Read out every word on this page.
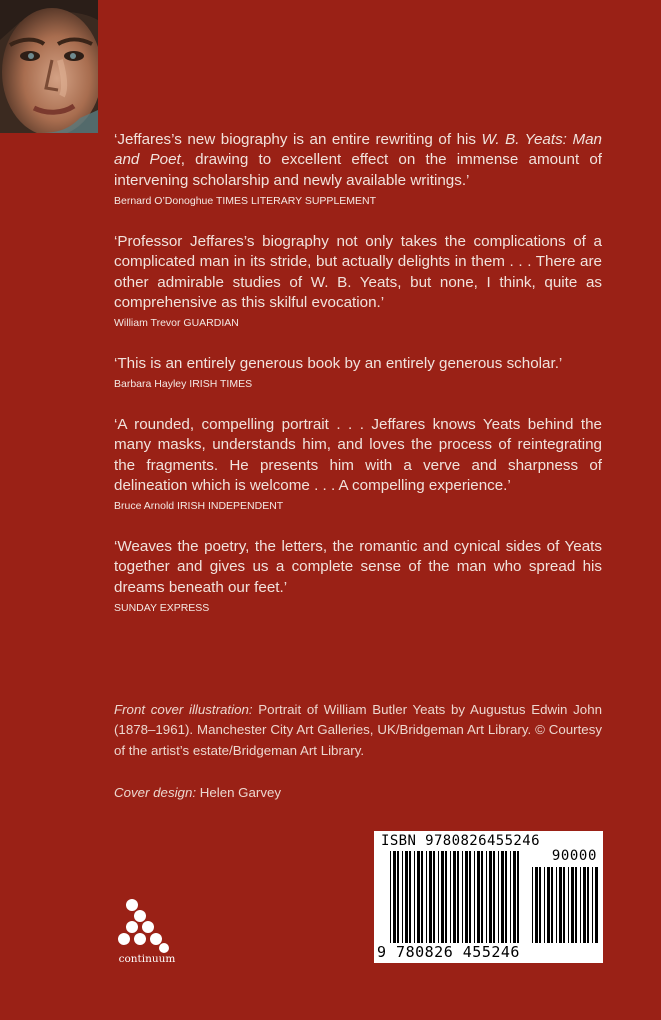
‘Jeffares’s new biography is an entire rewriting of his W. B. Yeats: Man and Poet, drawing to excellent effect on the immense amount of intervening scholarship and newly available writings.’

Bernard O’Donoghue TIMES LITERARY SUPPLEMENT

‘Professor Jeffares’s biography not only takes the complications of a complicated man in its stride, but actually delights in them . . . There are other admirable studies of W. B. Yeats, but none, I think, quite as comprehensive as this skilful evocation.’

William Trevor GUARDIAN

‘This is an entirely generous book by an entirely generous scholar.’

Barbara Hayley IRISH TIMES

‘A rounded, compelling portrait . . . Jeffares knows Yeats behind the many masks, understands him, and loves the process of reintegrating the fragments. He presents him with a verve and sharpness of delineation which is welcome . . . A compelling experience.’

Bruce Arnold IRISH INDEPENDENT

‘Weaves the poetry, the letters, the romantic and cynical sides of Yeats together and gives us a complete sense of the man who spread his dreams beneath our feet.’

SUNDAY EXPRESS
Front cover illustration: Portrait of William Butler Yeats by Augustus Edwin John (1878–1961). Manchester City Art Galleries, UK/Bridgeman Art Library. © Courtesy of the artist’s estate/Bridgeman Art Library.
Cover design: Helen Garvey
ISBN 9780826455246
90000
9 780826 455246
continuum
